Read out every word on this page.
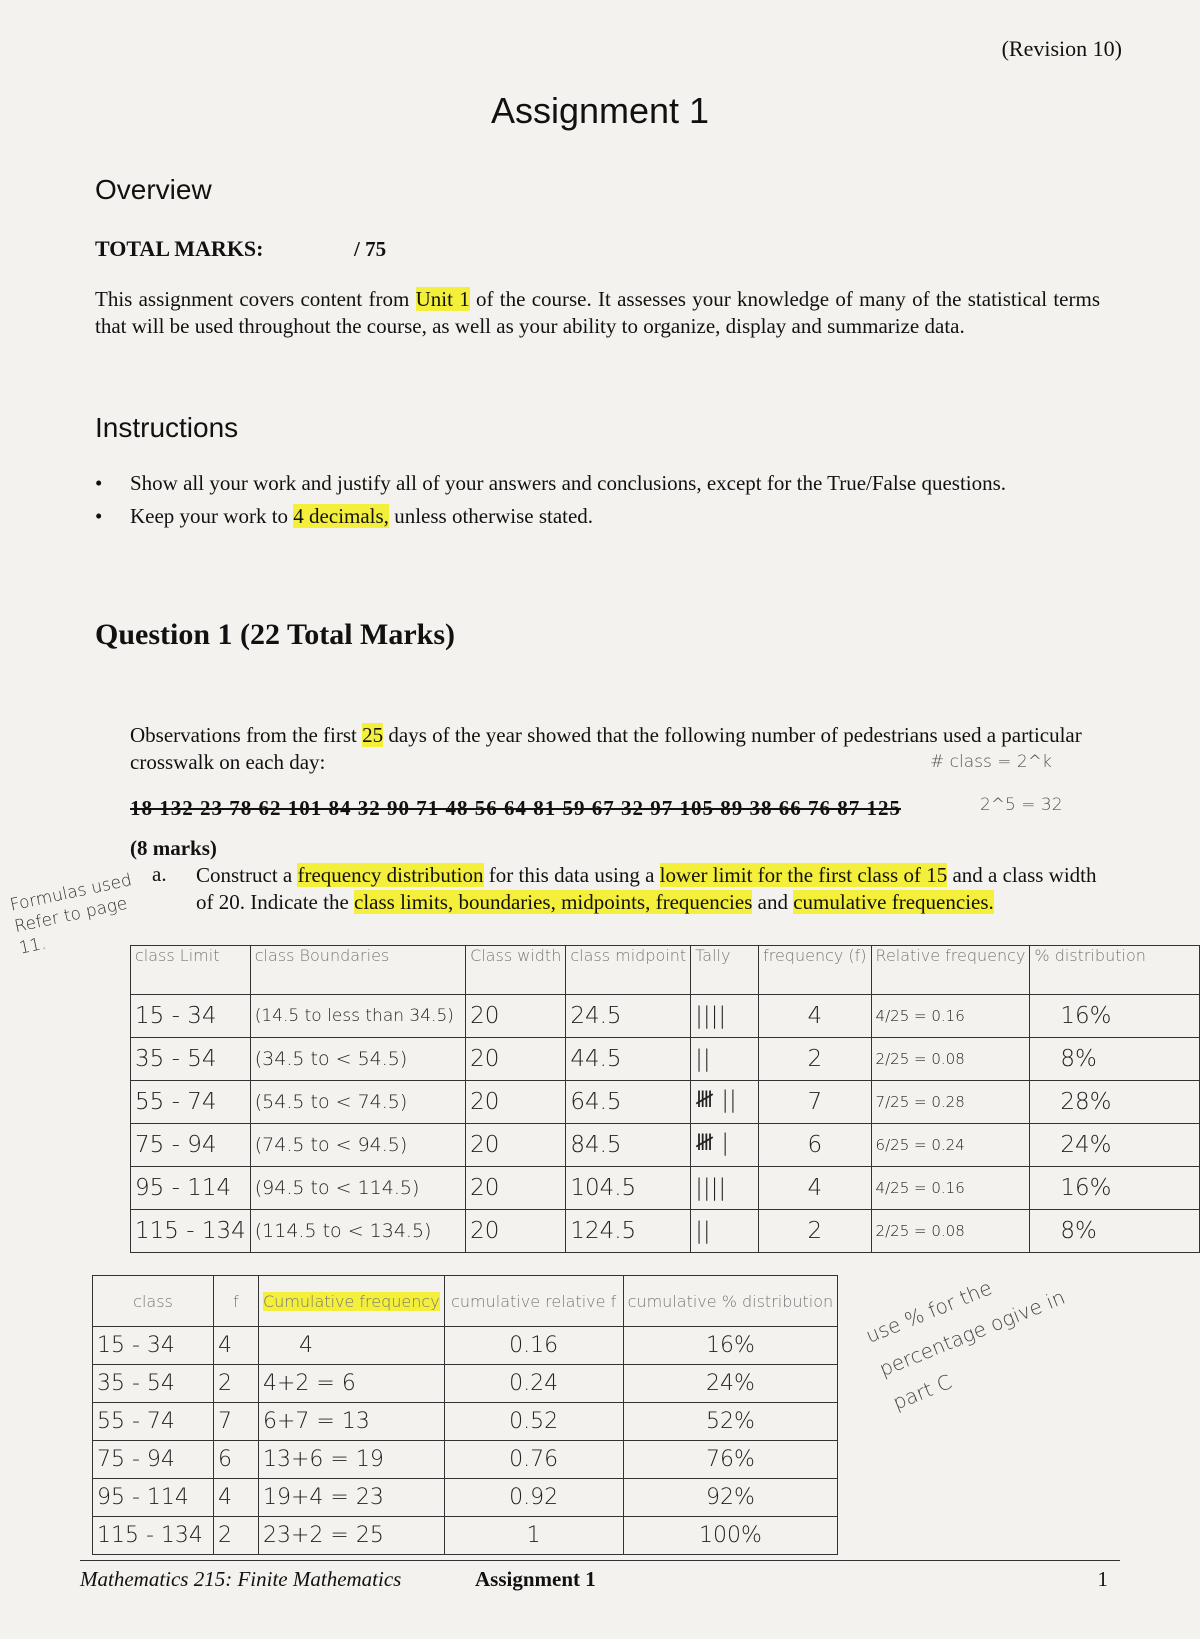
(Revision 10)
Assignment 1
Overview
TOTAL MARKS:	/ 75
This assignment covers content from Unit 1 of the course. It assesses your knowledge of many of the statistical terms that will be used throughout the course, as well as your ability to organize, display and summarize data.
Instructions
• Show all your work and justify all of your answers and conclusions, except for the True/False questions.
• Keep your work to 4 decimals, unless otherwise stated.
Question 1 (22 Total Marks)
Observations from the first 25 days of the year showed that the following number of pedestrians used a particular crosswalk on each day:	# class = 2^k
18 132 23 78 62 101 84 32 90 71 48 56 64 81 59 67 32 97 105 89 38 66 76 87 125	2^5 = 32
(8 marks)
a. Construct a frequency distribution for this data using a lower limit for the first class of 15 and a class width of 20. Indicate the class limits, boundaries, midpoints, frequencies and cumulative frequencies.
Formulas used Refer to page 11.	class Limit	class Boundaries	Class width	class midpoint	Tally	frequency (f)	Relative frequency	% distribution
15 - 34	(14.5 to less than 34.5)	20	24.5	||||	4	4/25 = 0.16	16%
35 - 54	(34.5 to < 54.5)	20	44.5	||	2	2/25 = 0.08	8%
55 - 74	(54.5 to < 74.5)	20	64.5	𝍸 ||	7	7/25 = 0.28	28%
75 - 94	(74.5 to < 94.5)	20	84.5	𝍸 |	6	6/25 = 0.24	24%
95 - 114	(94.5 to < 114.5)	20	104.5	||||	4	4/25 = 0.16	16%
115 - 134	(114.5 to < 134.5)	20	124.5	||	2	2/25 = 0.08	8%
class	f	Cumulative frequency	cumulative relative f	cumulative % distribution
15 - 34	4	4	0.16	16%
35 - 54	2	4+2 = 6	0.24	24%
55 - 74	7	6+7 = 13	0.52	52%
75 - 94	6	13+6 = 19	0.76	76%
95 - 114	4	19+4 = 23	0.92	92%
115 - 134	2	23+2 = 25	1	100%
use % for the percentage ogive in part C
Mathematics 215: Finite Mathematics	Assignment 1	1
